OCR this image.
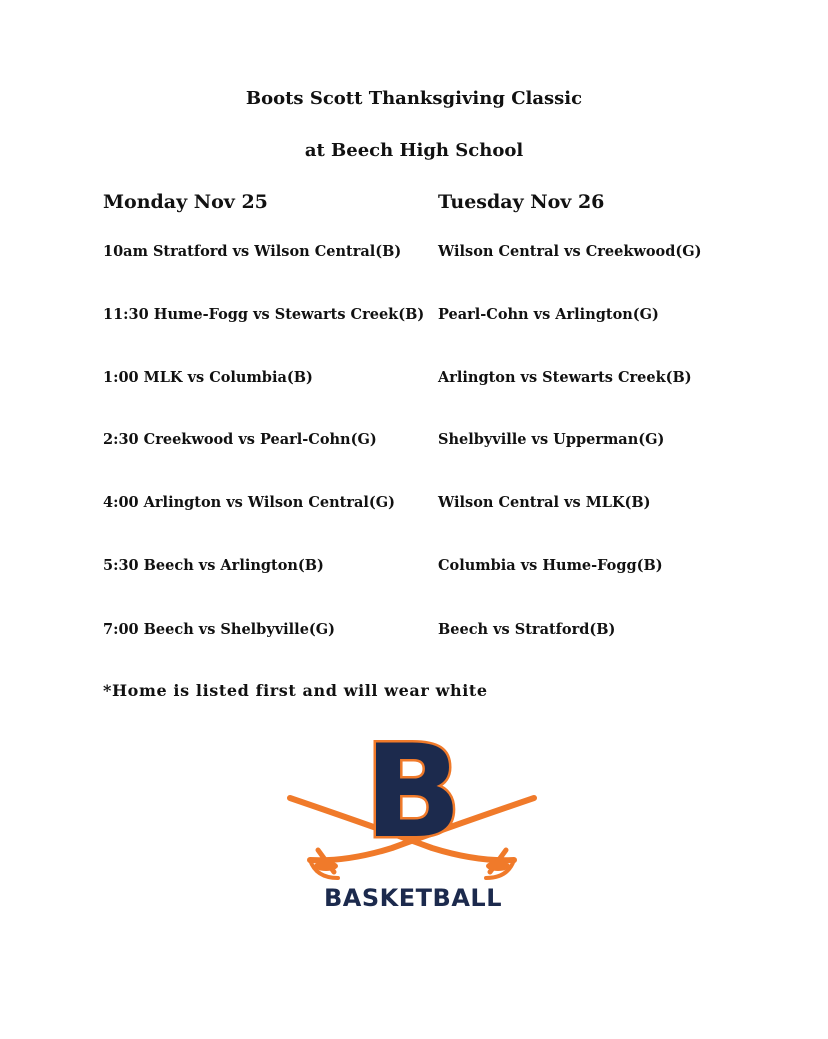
Boots Scott Thanksgiving Classic
at Beech High School
Monday Nov 25
10am Stratford vs Wilson Central(B)
11:30 Hume-Fogg vs Stewarts Creek(B)
1:00 MLK vs Columbia(B)
2:30 Creekwood vs Pearl-Cohn(G)
4:00 Arlington vs Wilson Central(G)
5:30 Beech vs Arlington(B)
7:00 Beech vs Shelbyville(G)
Tuesday Nov 26
Wilson Central vs Creekwood(G)
Pearl-Cohn vs Arlington(G)
Arlington vs Stewarts Creek(B)
Shelbyville vs Upperman(G)
Wilson Central vs MLK(B)
Columbia vs Hume-Fogg(B)
Beech vs Stratford(B)
*Home is listed first and will wear white
B
BASKETBALL
